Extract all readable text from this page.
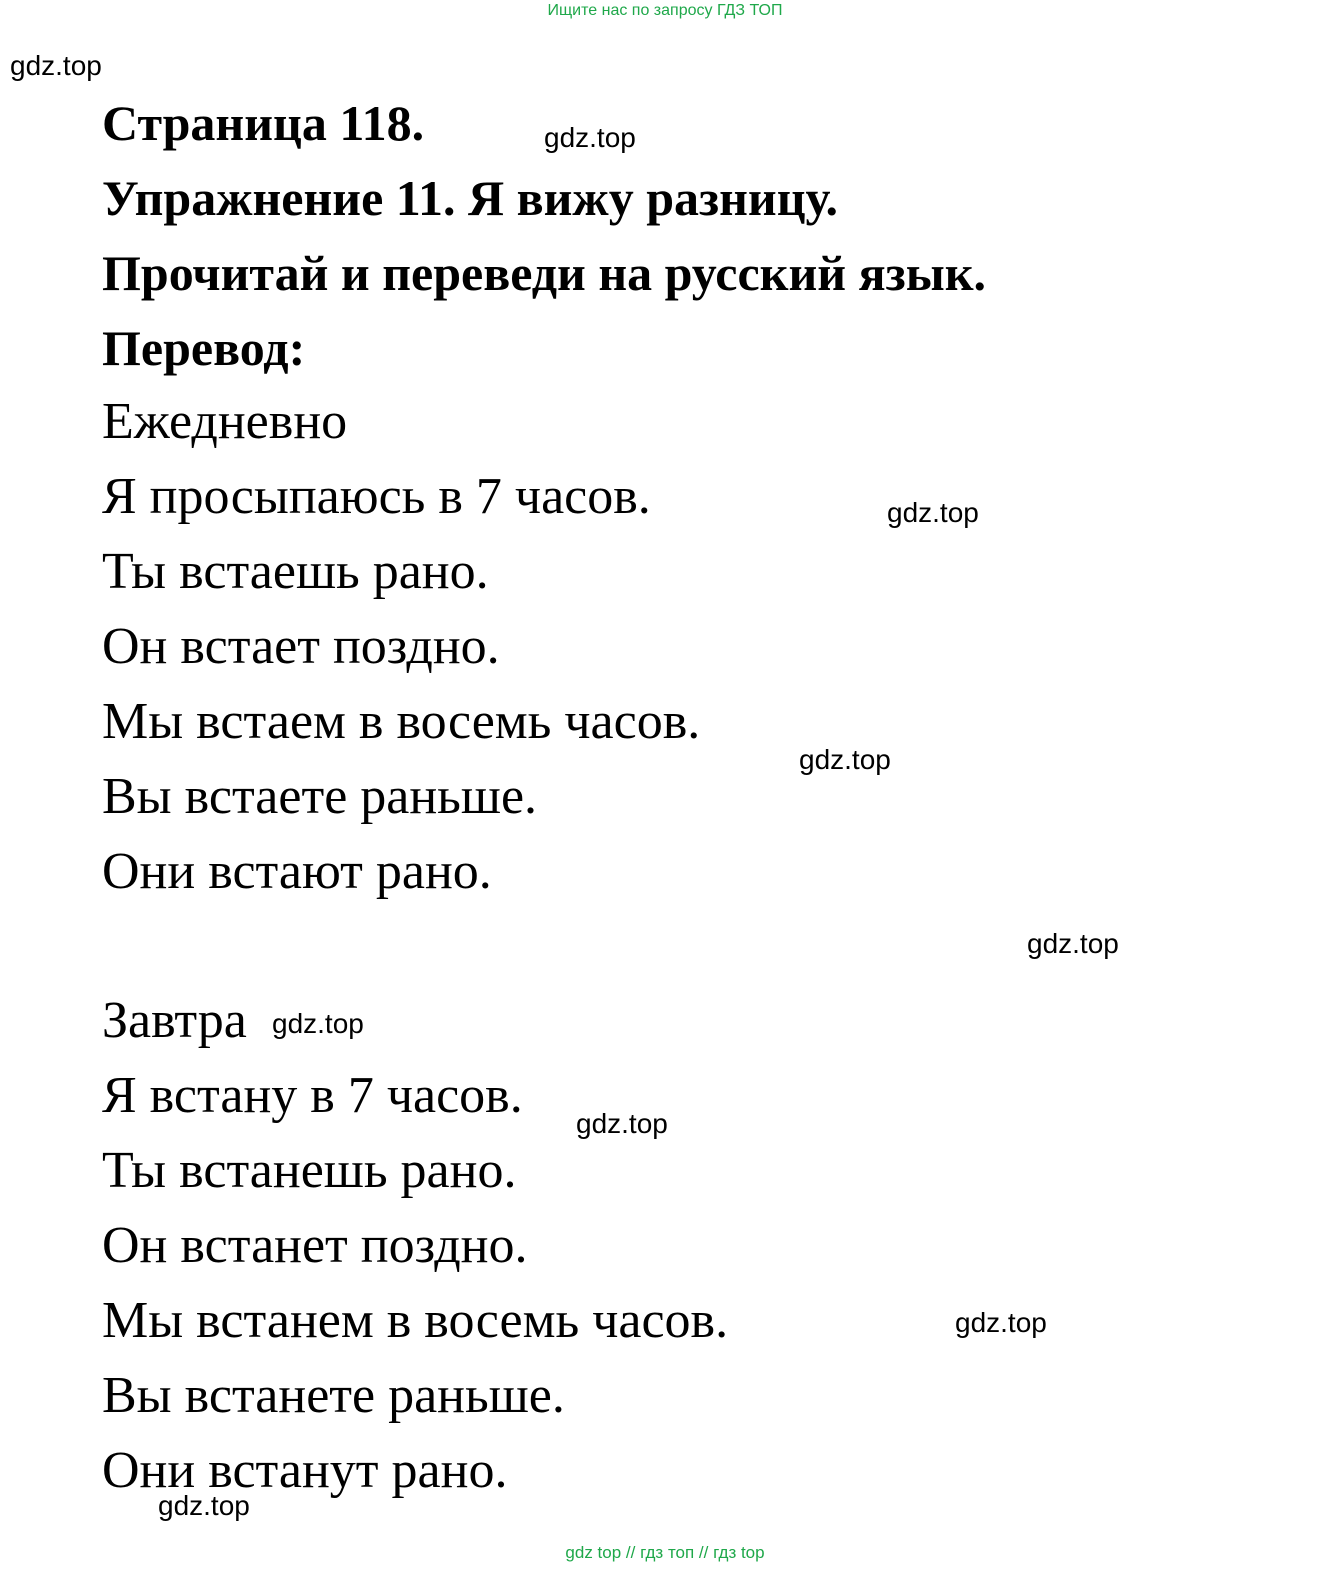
Ищите нас по запросу ГДЗ ТОП
gdz.top
gdz.top
gdz.top
gdz.top
gdz.top
gdz.top
gdz.top
gdz.top
gdz.top
Страница 118.
Упражнение 11. Я вижу разницу.
Прочитай и переведи на русский язык.
Перевод:
Ежедневно
Я просыпаюсь в 7 часов.
Ты встаешь рано.
Он встает поздно.
Мы встаем в восемь часов.
Вы встаете раньше.
Они встают рано.
Завтра
Я встану в 7 часов.
Ты встанешь рано.
Он встанет поздно.
Мы встанем в восемь часов.
Вы встанете раньше.
Они встанут рано.
gdz top // гдз топ // гдз top
